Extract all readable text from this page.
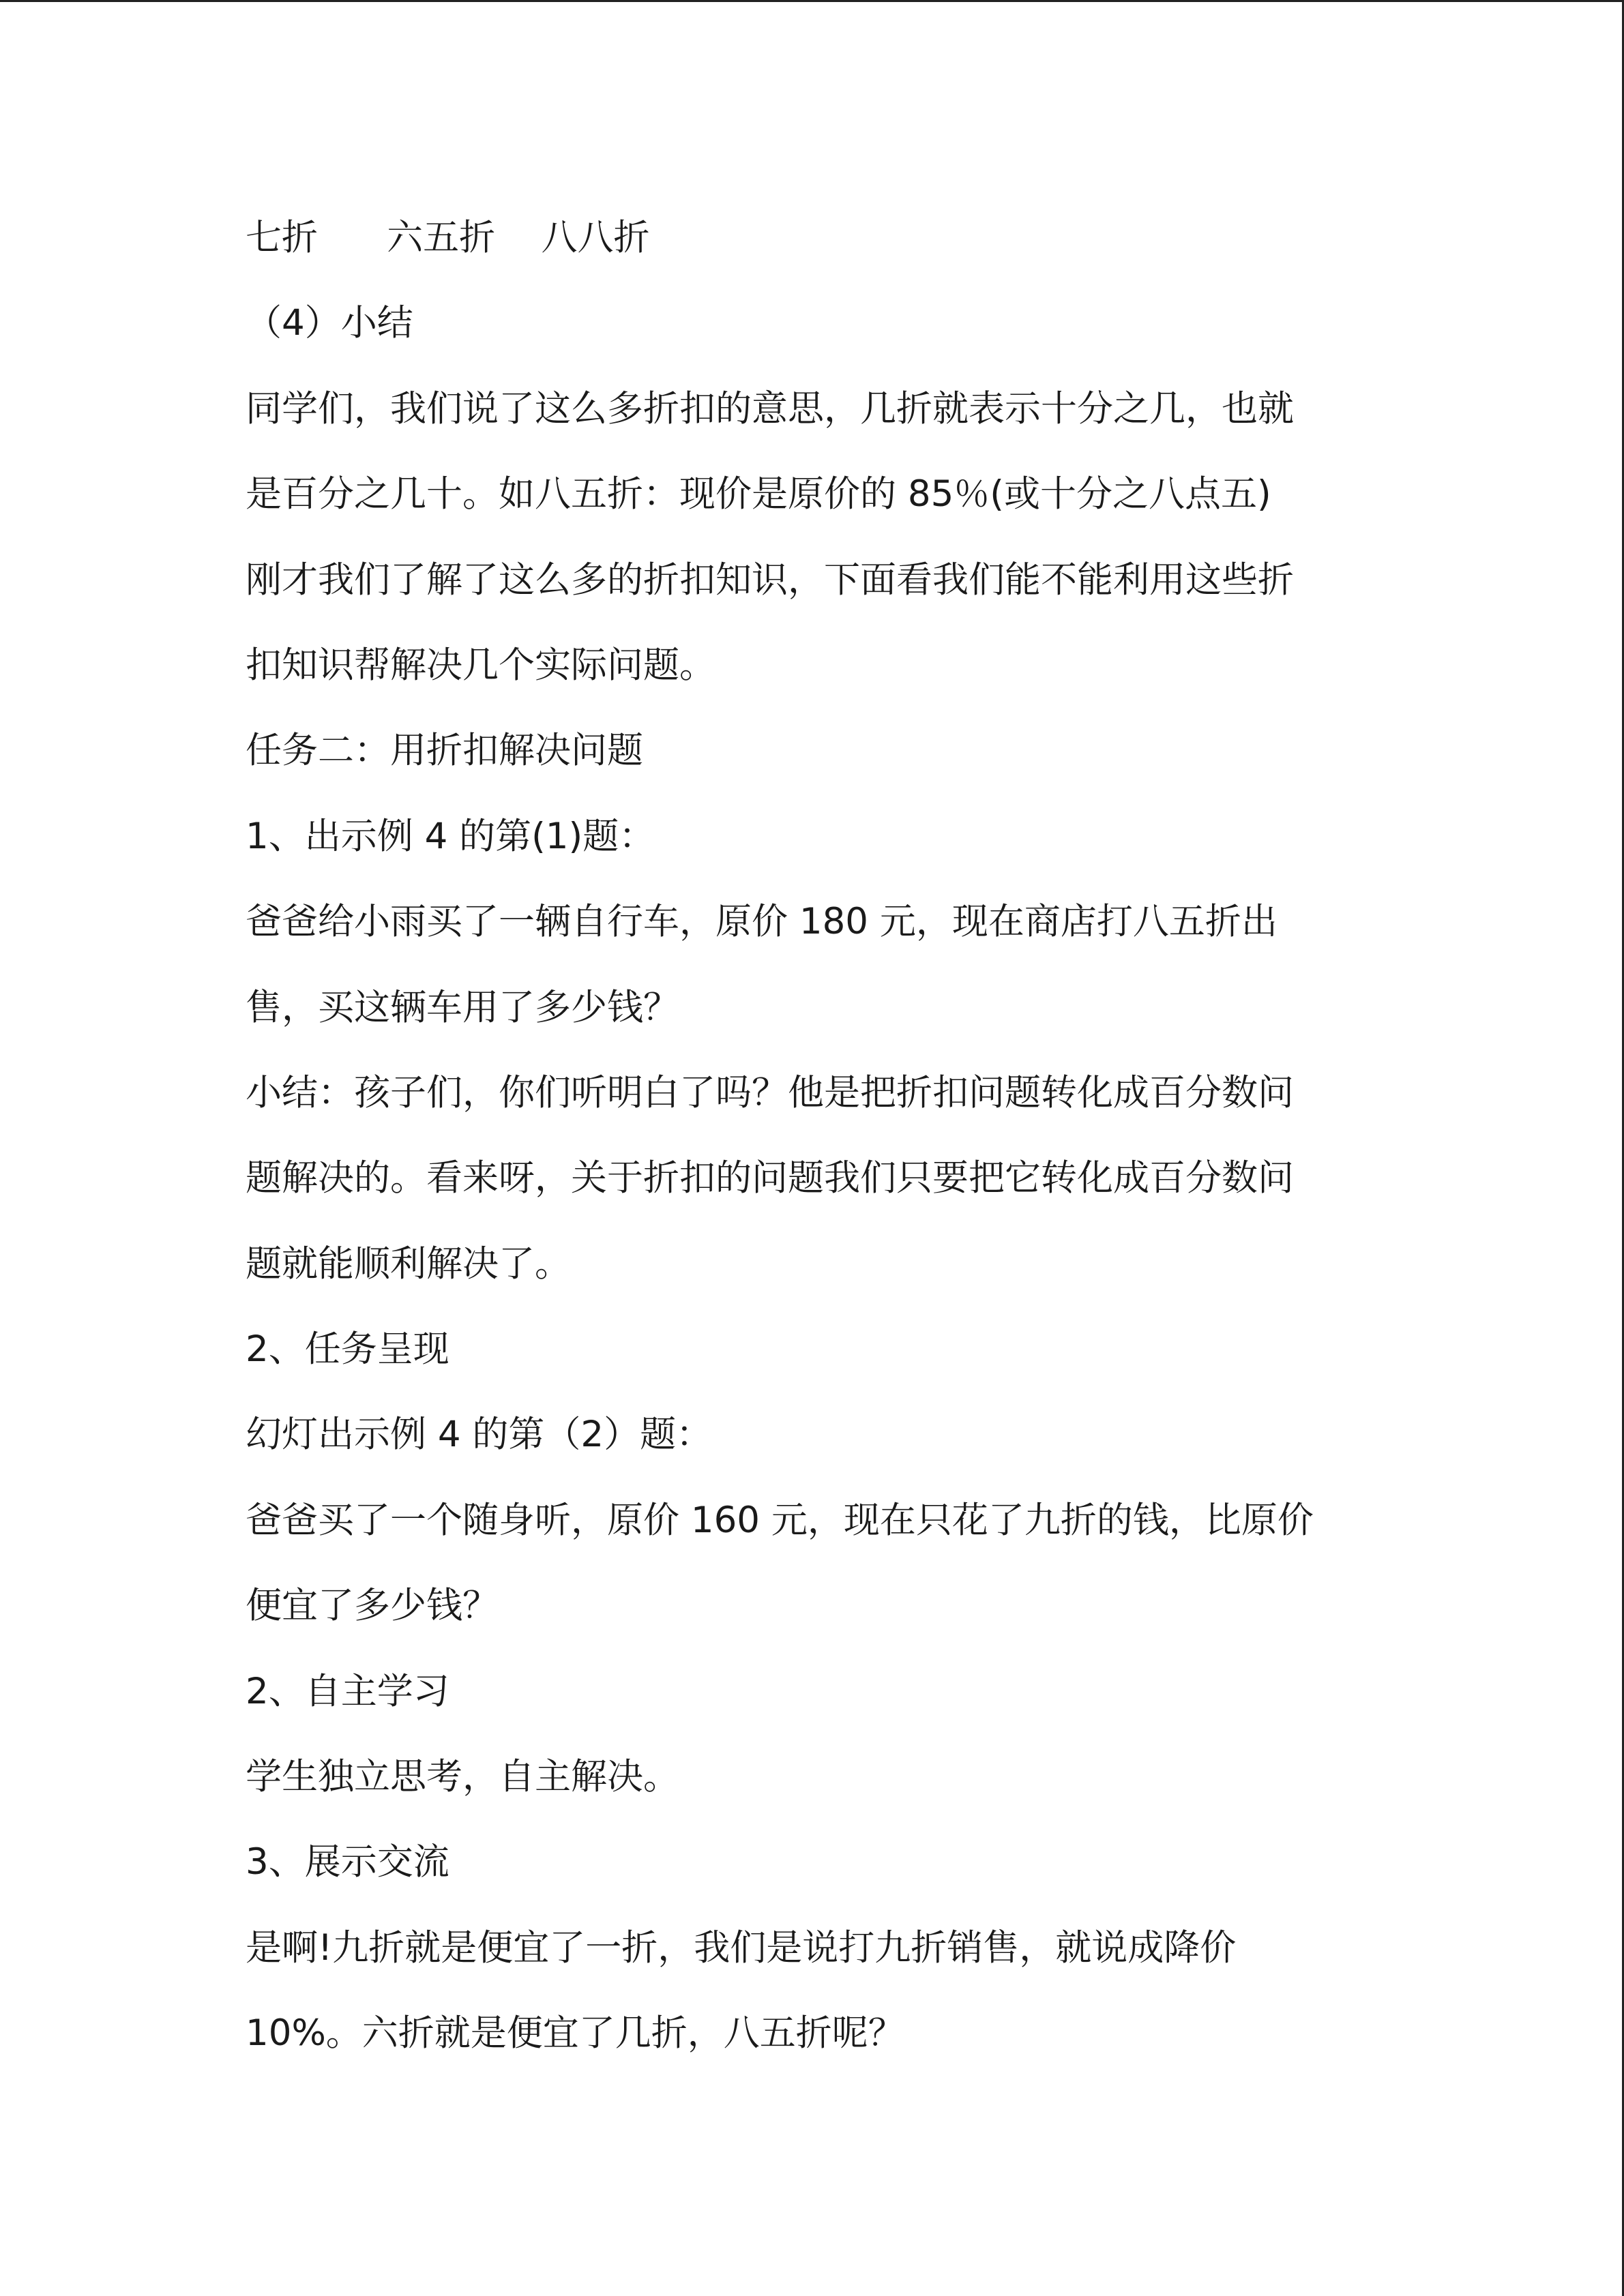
七折      六五折    八八折
（4）小结
同学们，我们说了这么多折扣的意思，几折就表示十分之几，也就
是百分之几十。如八五折：现价是原价的 85％(或十分之八点五)
刚才我们了解了这么多的折扣知识，下面看我们能不能利用这些折
扣知识帮解决几个实际问题。
任务二：用折扣解决问题
1、出示例 4 的第(1)题：
爸爸给小雨买了一辆自行车，原价 180 元，现在商店打八五折出
售，买这辆车用了多少钱？
小结：孩子们，你们听明白了吗？他是把折扣问题转化成百分数问
题解决的。看来呀，关于折扣的问题我们只要把它转化成百分数问
题就能顺利解决了。
2、任务呈现
幻灯出示例 4 的第（2）题：
爸爸买了一个随身听，原价 160 元，现在只花了九折的钱，比原价
便宜了多少钱？
2、自主学习
学生独立思考，自主解决。
3、展示交流
是啊!九折就是便宜了一折，我们是说打九折销售，就说成降价
10%。六折就是便宜了几折，八五折呢？
